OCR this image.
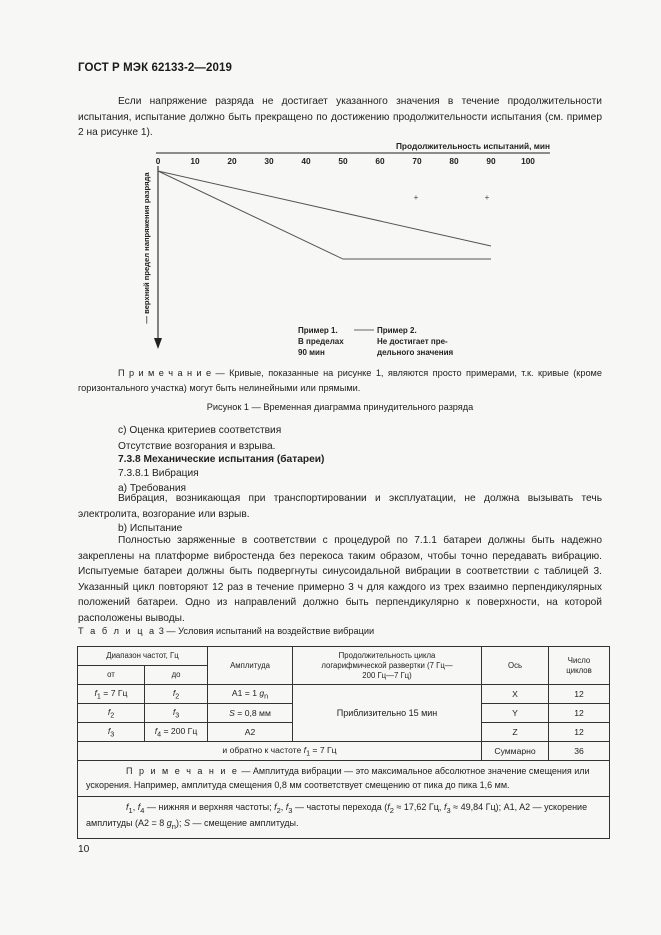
ГОСТ Р МЭК 62133-2—2019
Если напряжение разряда не достигает указанного значения в течение продолжительности испытания, испытание должно быть прекращено по достижению продолжительности испытания (см. пример 2 на рисунке 1).
Продолжительность испытаний, мин
0	10	20	30	40	50	60	70	80	90	100
— верхний предел напряжения разряда	+	+
Пример 1. В пределах 90 мин
Пример 2. Не достигает пре-дельного значения
П р и м е ч а н и е — Кривые, показанные на рисунке 1, являются просто примерами, т.к. кривые (кроме горизонтального участка) могут быть нелинейными или прямыми.
Рисунок 1 — Временная диаграмма принудительного разряда
c) Оценка критериев соответствия
Отсутствие возгорания и взрыва.
7.3.8 Механические испытания (батареи)
7.3.8.1 Вибрация
a) Требования
Вибрация, возникающая при транспортировании и эксплуатации, не должна вызывать течь электролита, возгорание или взрыв.
b) Испытание
Полностью заряженные в соответствии с процедурой по 7.1.1 батареи должны быть надежно закреплены на платформе вибростенда без перекоса таким образом, чтобы точно передавать вибрацию. Испытуемые батареи должны быть подвергнуты синусоидальной вибрации в соответствии с таблицей 3. Указанный цикл повторяют 12 раз в течение примерно 3 ч для каждого из трех взаимно перпендикулярных положений батареи. Одно из направлений должно быть перпендикулярно к поверхности, на которой расположены выводы.
Т а б л и ц а 3 — Условия испытаний на воздействие вибрации
Диапазон частот, Гц		Амплитуда	Продолжительность цикла логарифмической развертки (7 Гц—200 Гц—7 Гц)	Ось	Число циклов
от	до				
$f_1 = 7$ Гц	$f_2$	A1 = 1 $g_n$	Приблизительно 15 мин	X	12
$f_2$	$f_3$	S = 0,8 мм		Y	12
$f_3$	$f_4 = 200$ Гц	A2		Z	12
и обратно к частоте $f_1 = 7$ Гц				Суммарно	36
П р и м е ч а н и е — Амплитуда вибрации — это максимальное абсолютное значение смещения или ускорения. Например, амплитуда смещения 0,8 мм соответствует смещению от пика до пика 1,6 мм.					
$f_1$, $f_4$ — нижняя и верхняя частоты; $f_2$, $f_3$ — частоты перехода ($f_2 \approx 17,62$ Гц, $f_3 \approx 49,84$ Гц); A1, A2 — ускорение амплитуды (A2 = 8 $g_n$); S — смещение амплитуды.					
10
